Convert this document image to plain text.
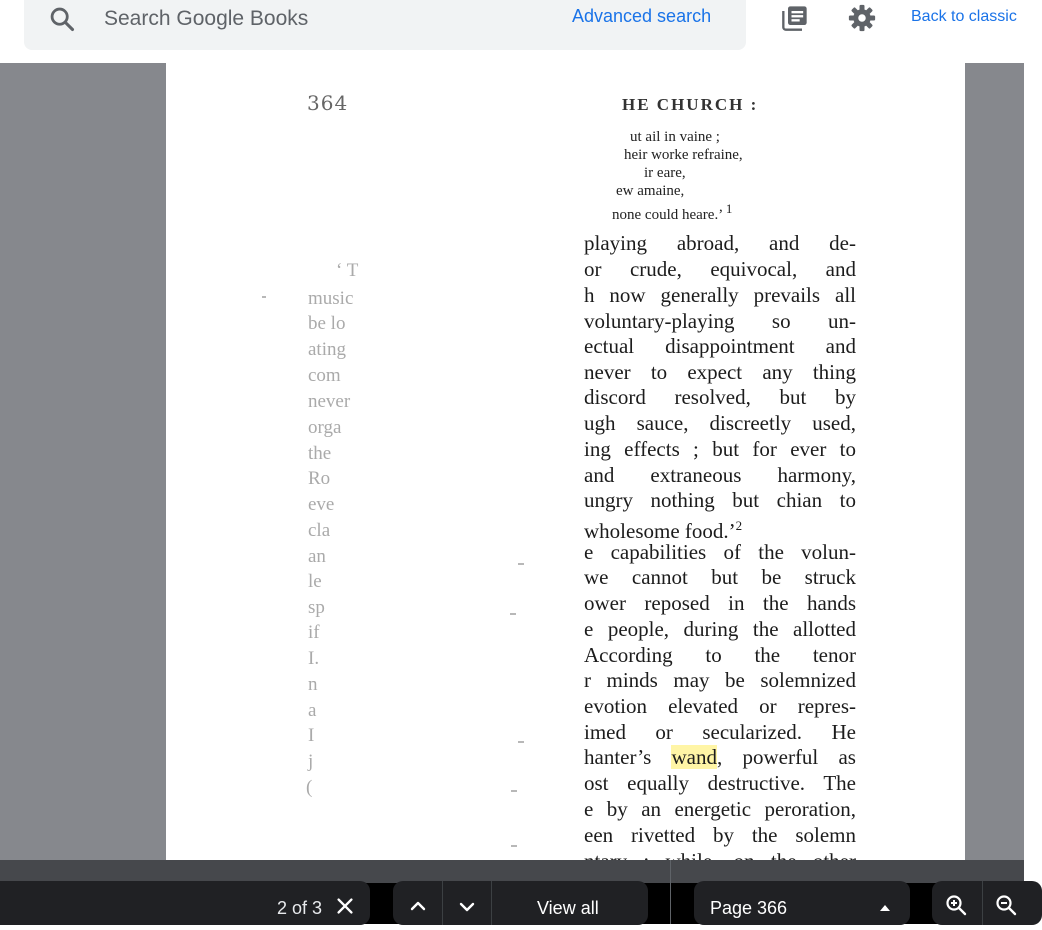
Search Google Books
Advanced search	Back to classic
364	HE CHURCH :
ut ail in vaine ;
heir worke refraine,
ir eare,
ew amaine,
none could heare.’ $^1$
‘ T
music
be lo
ating
com
never
orga
the
Ro
eve
cla
an
le
sp
if
I.
n
a
I
j
(
playing abroad, and de-
or crude, equivocal, and
h now generally prevails all
voluntary-playing so un-
ectual disappointment and
never to expect any thing
discord resolved, but by
ugh sauce, discreetly used,
ing effects ; but for ever to
and extraneous harmony,
ungry nothing but chian to
wholesome food.’$^2$
e capabilities of the volun-
we cannot but be struck
ower reposed in the hands
e people, during the allotted
According to the tenor
r minds may be solemnized
evotion elevated or repres-
imed or secularized. He
hanter’s wand, powerful as
ost equally destructive. The
e by an energetic peroration,
een rivetted by the solemn
2 of 3	View all	Page 366
